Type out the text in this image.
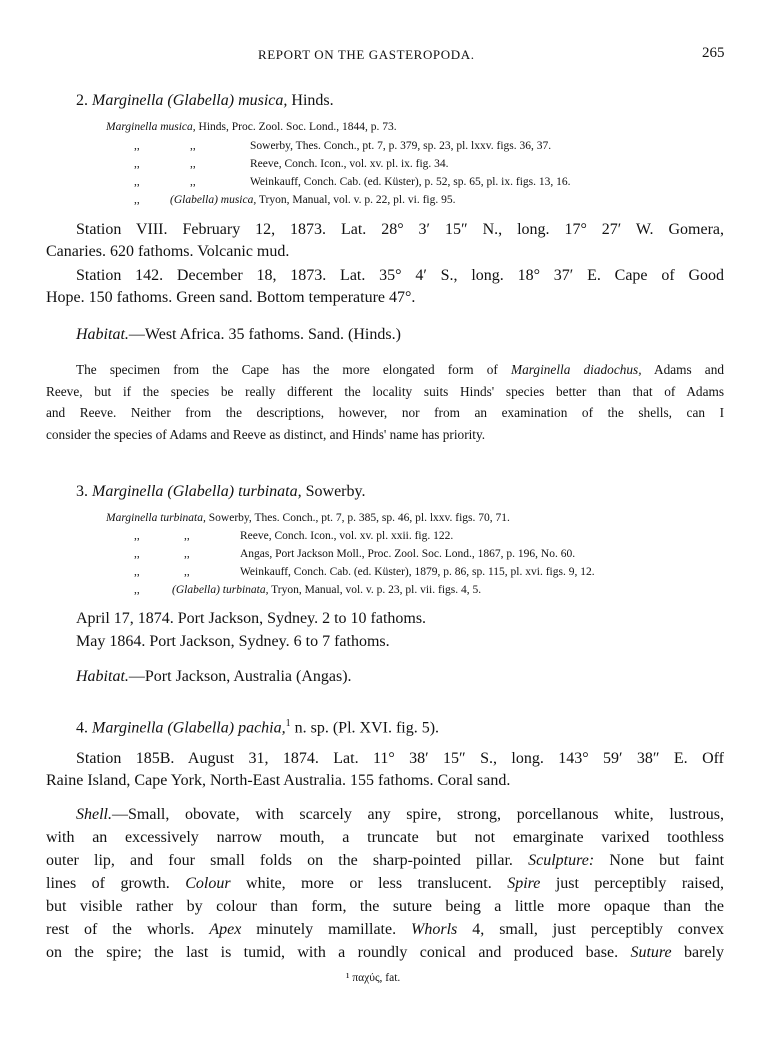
REPORT ON THE GASTEROPODA.	265
2. Marginella (Glabella) musica, Hinds.
Marginella musica, Hinds, Proc. Zool. Soc. Lond., 1844, p. 73.
,,	,,	Sowerby, Thes. Conch., pt. 7, p. 379, sp. 23, pl. lxxv. figs. 36, 37.
,,	,,	Reeve, Conch. Icon., vol. xv. pl. ix. fig. 34.
,,	,,	Weinkauff, Conch. Cab. (ed. Küster), p. 52, sp. 65, pl. ix. figs. 13, 16.
,,	(Glabella) musica, Tryon, Manual, vol. v. p. 22, pl. vi. fig. 95.
Station VIII. February 12, 1873. Lat. 28° 3′ 15″ N., long. 17° 27′ W. Gomera,
Canaries. 620 fathoms. Volcanic mud.
Station 142. December 18, 1873. Lat. 35° 4′ S., long. 18° 37′ E. Cape of Good
Hope. 150 fathoms. Green sand. Bottom temperature 47°.
Habitat.—West Africa. 35 fathoms. Sand. (Hinds.)
The specimen from the Cape has the more elongated form of Marginella diadochus, Adams and
Reeve, but if the species be really different the locality suits Hinds' species better than that of Adams
and Reeve. Neither from the descriptions, however, nor from an examination of the shells, can I
consider the species of Adams and Reeve as distinct, and Hinds' name has priority.
3. Marginella (Glabella) turbinata, Sowerby.
Marginella turbinata, Sowerby, Thes. Conch., pt. 7, p. 385, sp. 46, pl. lxxv. figs. 70, 71.
,,	,,	Reeve, Conch. Icon., vol. xv. pl. xxii. fig. 122.
,,	,,	Angas, Port Jackson Moll., Proc. Zool. Soc. Lond., 1867, p. 196, No. 60.
,,	,,	Weinkauff, Conch. Cab. (ed. Küster), 1879, p. 86, sp. 115, pl. xvi. figs. 9, 12.
,,	(Glabella) turbinata, Tryon, Manual, vol. v. p. 23, pl. vii. figs. 4, 5.
April 17, 1874. Port Jackson, Sydney. 2 to 10 fathoms.
May 1864. Port Jackson, Sydney. 6 to 7 fathoms.
Habitat.—Port Jackson, Australia (Angas).
4. Marginella (Glabella) pachia,$^1$ n. sp. (Pl. XVI. fig. 5).
Station 185B. August 31, 1874. Lat. 11° 38′ 15″ S., long. 143° 59′ 38″ E. Off
Raine Island, Cape York, North-East Australia. 155 fathoms. Coral sand.
Shell.—Small, obovate, with scarcely any spire, strong, porcellanous white, lustrous,
with an excessively narrow mouth, a truncate but not emarginate varixed toothless
outer lip, and four small folds on the sharp-pointed pillar. Sculpture: None but faint
lines of growth. Colour white, more or less translucent. Spire just perceptibly raised,
but visible rather by colour than form, the suture being a little more opaque than the
rest of the whorls. Apex minutely mamillate. Whorls 4, small, just perceptibly convex
on the spire; the last is tumid, with a roundly conical and produced base. Suture barely
¹ παχύς, fat.
